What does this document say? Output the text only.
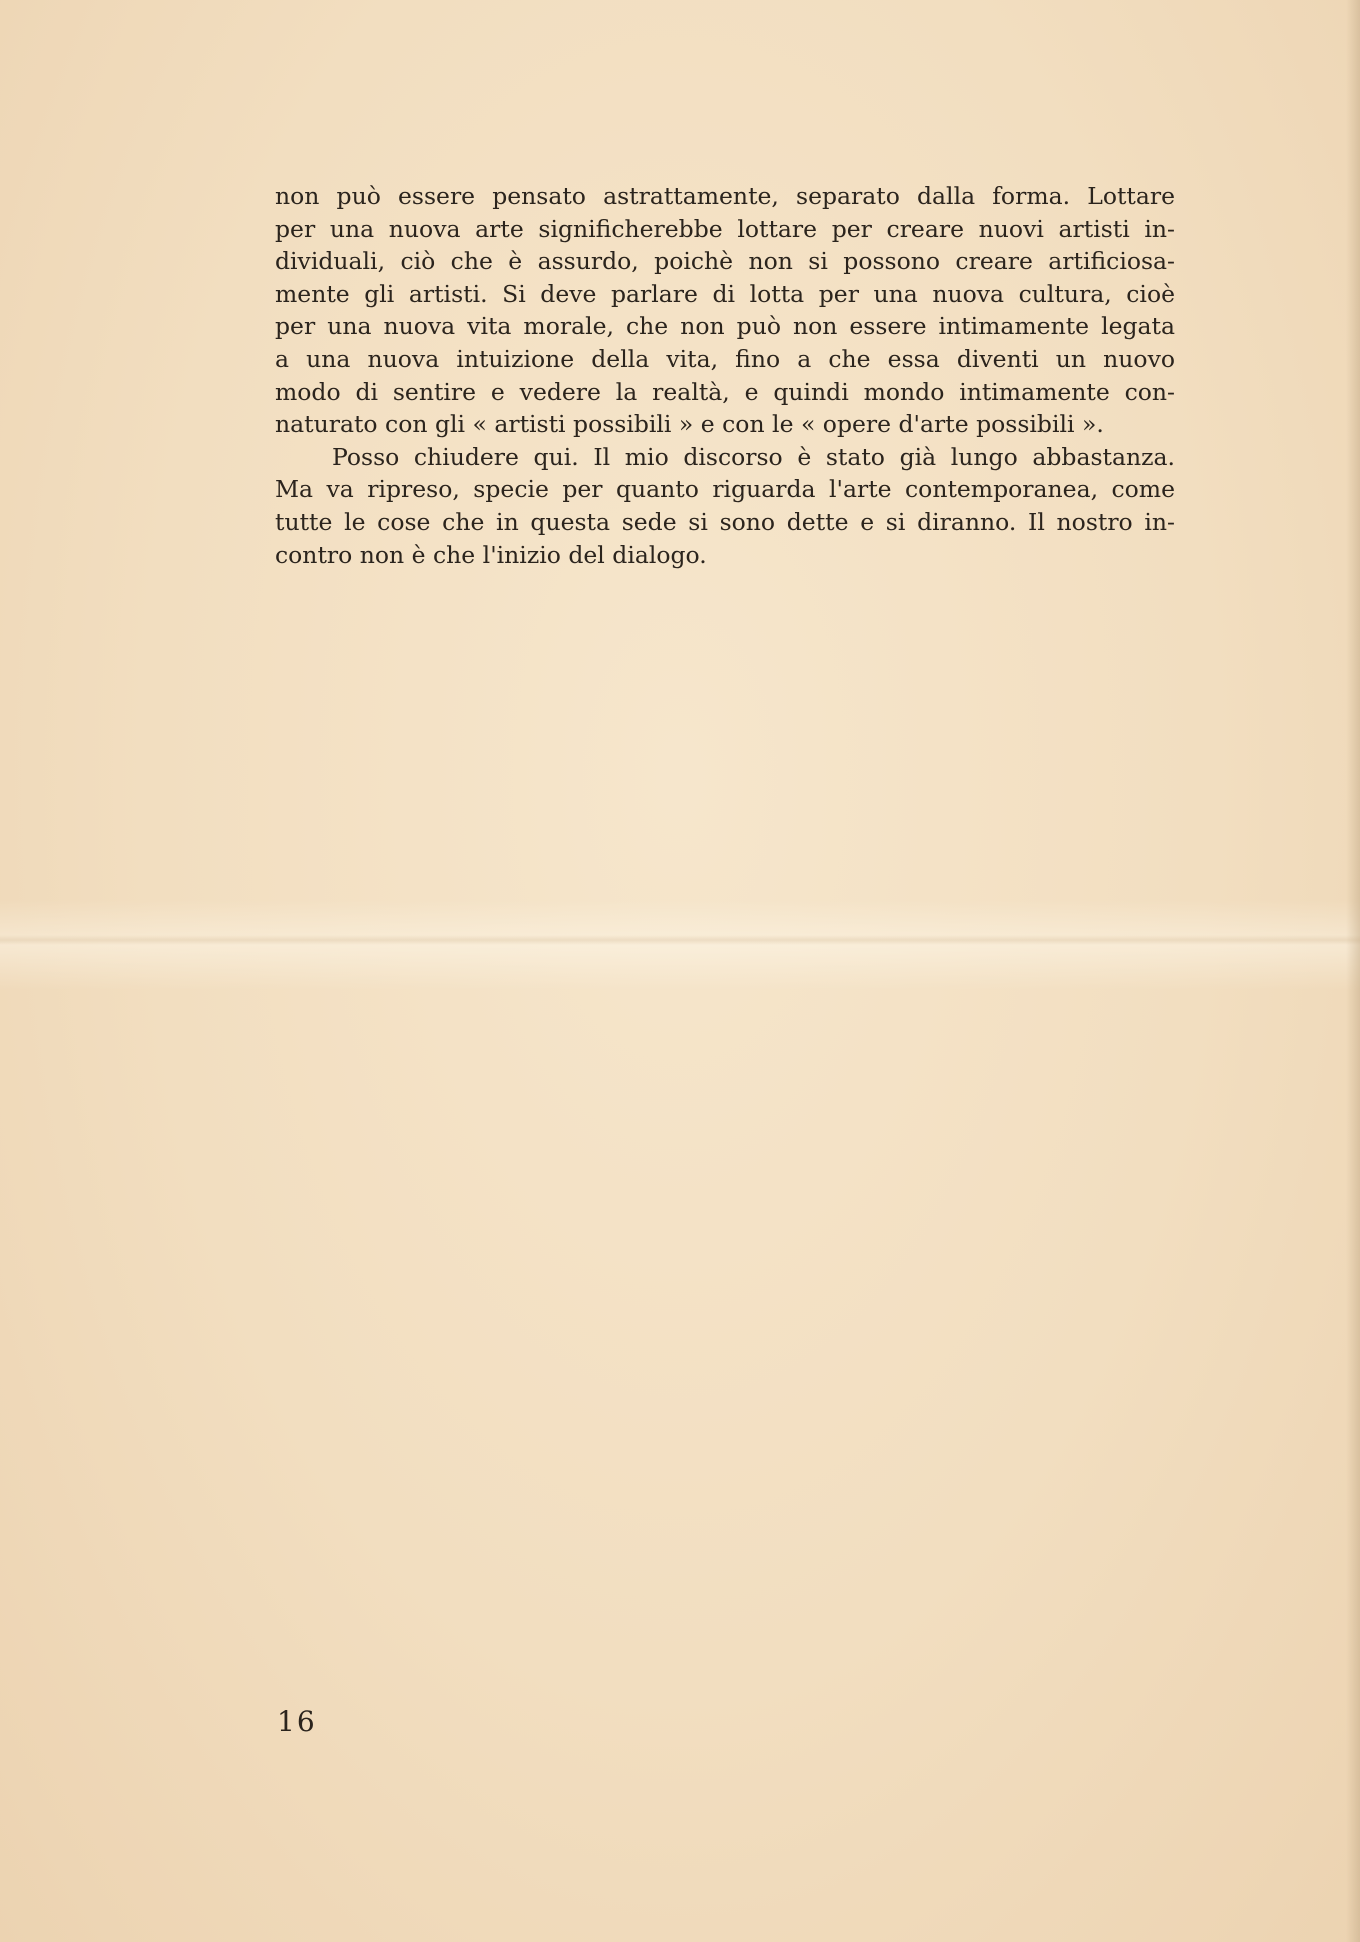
non può essere pensato astrattamente, separato dalla forma. Lottare
per una nuova arte significherebbe lottare per creare nuovi artisti in-
dividuali, ciò che è assurdo, poichè non si possono creare artificiosa-
mente gli artisti. Si deve parlare di lotta per una nuova cultura, cioè
per una nuova vita morale, che non può non essere intimamente legata
a una nuova intuizione della vita, fino a che essa diventi un nuovo
modo di sentire e vedere la realtà, e quindi mondo intimamente con-
naturato con gli « artisti possibili » e con le « opere d'arte possibili ».
Posso chiudere qui. Il mio discorso è stato già lungo abbastanza.
Ma va ripreso, specie per quanto riguarda l'arte contemporanea, come
tutte le cose che in questa sede si sono dette e si diranno. Il nostro in-
contro non è che l'inizio del dialogo.
16
